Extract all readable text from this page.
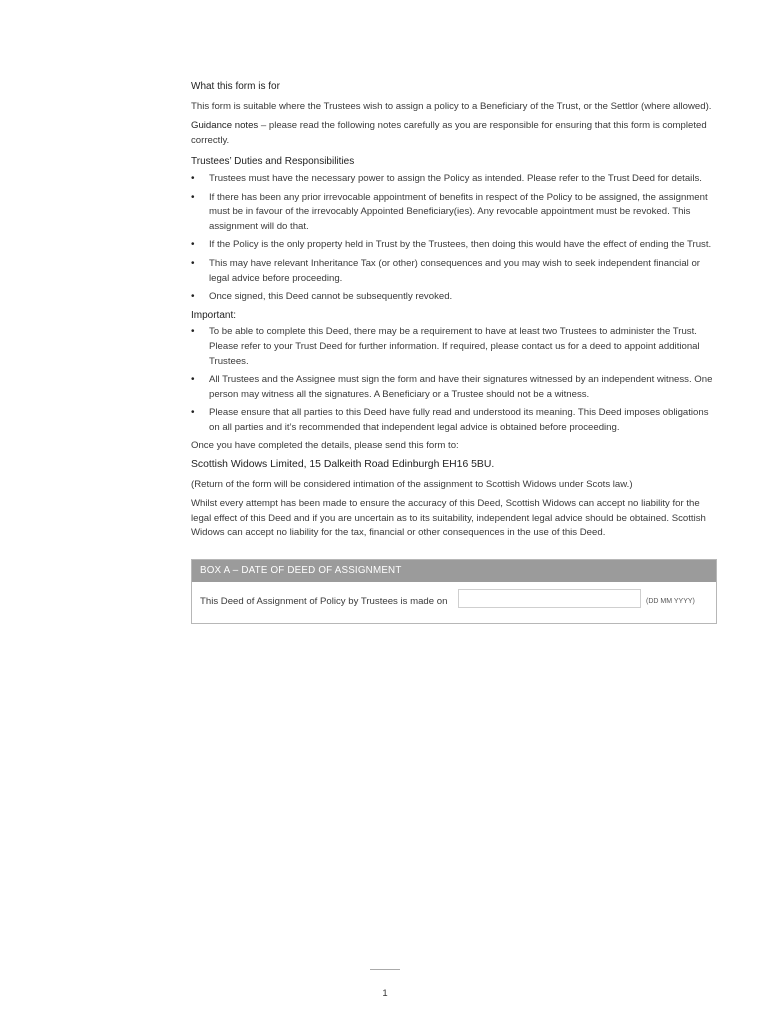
What this form is for

This form is suitable where the Trustees wish to assign a policy to a Beneficiary of the Trust, or the Settlor (where allowed).

Guidance notes – please read the following notes carefully as you are responsible for ensuring that this form is completed correctly.

Trustees’ Duties and Responsibilities

• Trustees must have the necessary power to assign the Policy as intended. Please refer to the Trust Deed for details.
• If there has been any prior irrevocable appointment of benefits in respect of the Policy to be assigned, the assignment must be in favour of the irrevocably Appointed Beneficiary(ies). Any revocable appointment must be revoked. This assignment will do that.
• If the Policy is the only property held in Trust by the Trustees, then doing this would have the effect of ending the Trust.
• This may have relevant Inheritance Tax (or other) consequences and you may wish to seek independent financial or legal advice before proceeding.
• Once signed, this Deed cannot be subsequently revoked.

Important:

• To be able to complete this Deed, there may be a requirement to have at least two Trustees to administer the Trust. Please refer to your Trust Deed for further information. If required, please contact us for a deed to appoint additional Trustees.
• All Trustees and the Assignee must sign the form and have their signatures witnessed by an independent witness. One person may witness all the signatures. A Beneficiary or a Trustee should not be a witness.
• Please ensure that all parties to this Deed have fully read and understood its meaning. This Deed imposes obligations on all parties and it’s recommended that independent legal advice is obtained before proceeding.

Once you have completed the details, please send this form to:

Scottish Widows Limited, 15 Dalkeith Road Edinburgh EH16 5BU.

(Return of the form will be considered intimation of the assignment to Scottish Widows under Scots law.)

Whilst every attempt has been made to ensure the accuracy of this Deed, Scottish Widows can accept no liability for the legal effect of this Deed and if you are uncertain as to its suitability, independent legal advice should be obtained. Scottish Widows can accept no liability for the tax, financial or other consequences in the use of this Deed.

BOX A – DATE OF DEED OF ASSIGNMENT
This Deed of Assignment of Policy by Trustees is made on	(DD MM YYYY)
1
